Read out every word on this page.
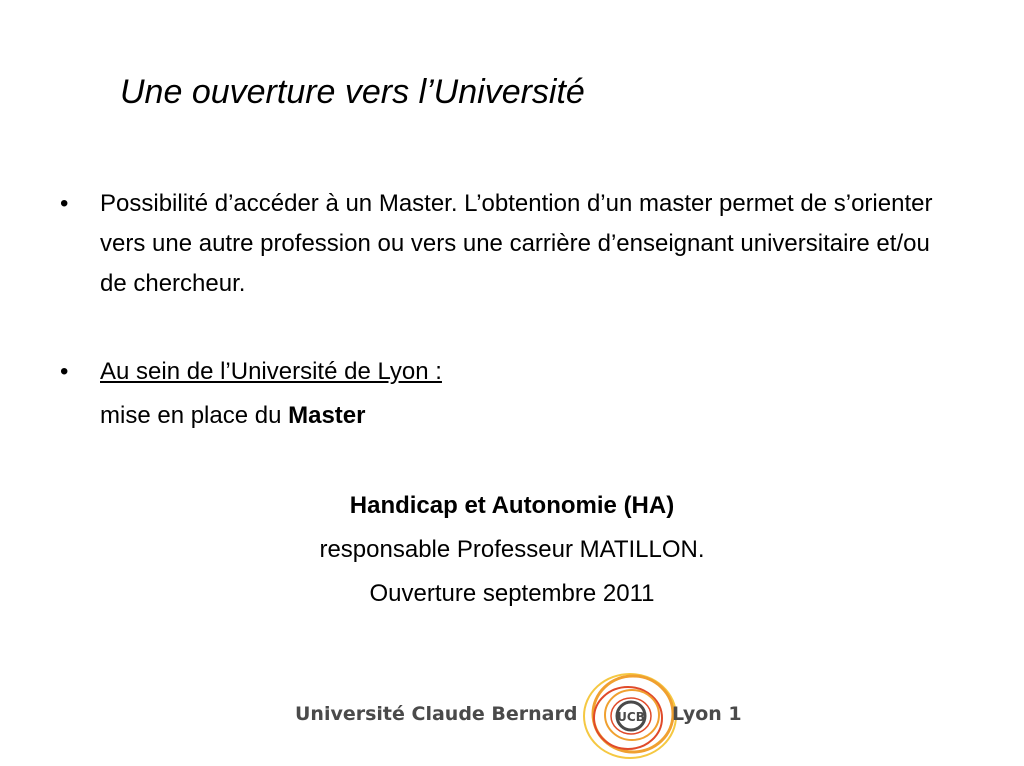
Une ouverture vers l’Université
•	Possibilité d’accéder à un Master. L’obtention d’un master permet de s’orienter vers une autre profession ou vers une carrière d’enseignant universitaire et/ou de chercheur.
•	Au sein de l’Université de Lyon :
mise en place du Master
Handicap et Autonomie (HA)
responsable Professeur MATILLON.
Ouverture septembre 2011
Université Claude Bernard	UCB Lyon 1
